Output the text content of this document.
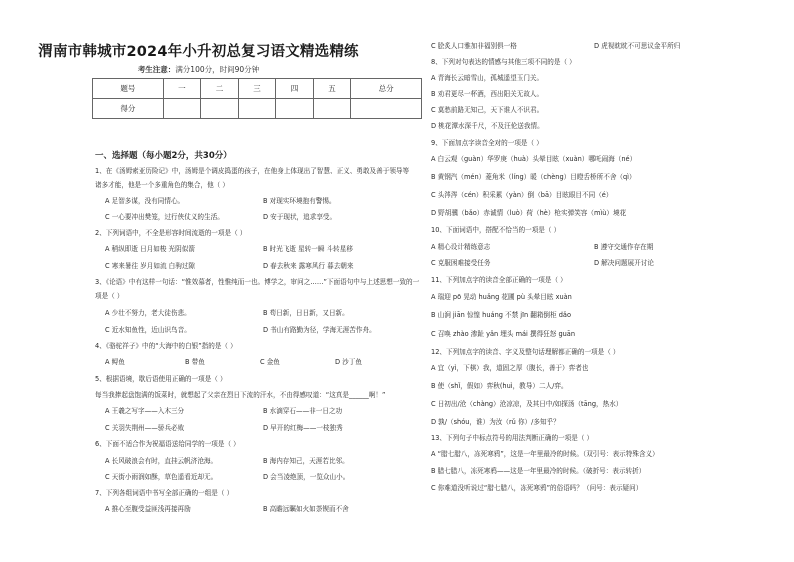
渭南市韩城市2024年小升初总复习语文精选精练
考生注意：满分100分，时间90分钟
题号	一	二	三	四	五	总分
得分						
一、选择题（每小题2分，共30分）
1、在《汤姆索亚历险记》中，汤姆是个调皮捣蛋的孩子，在他身上体现出了智慧、正义、勇敢及善于领导等
诸多才能，他是一个多重角色的集合，他（ ）
A 足智多谋，没有同情心。	B 对现实环境抱有警惕。
C 一心要冲出樊笼，过行侠仗义的生活。	D 安于现状，追求享受。
2、下列词语中，不全是形容时间流逝的一项是（ ）
A 稍纵即逝 日月如梭 光阴似箭	B 时光飞逝 星转一瞬 斗转星移
C 寒来暑往 岁月如流 白驹过隙	D 春去秋来 露寒风行 暮去朝来
3、《论语》中有这样一句话：“惟效慕者，性惟纯而一也。博学之，审问之……”下面语句中与上述思想一致的一
项是（ ）
A 少壮不努力，老大徒伤悲。	B 苟日新，日日新，又日新。
C 近水知鱼性，近山识鸟音。	D 书山有路勤为径，学海无涯苦作舟。
4、《骆驼祥子》中的“大海中的白银”指的是（ ）
A 鲟鱼	B 带鱼	C 金鱼	D 沙丁鱼
5、根据语境，歇后语使用正确的一项是（ ）
每当我捧起盘饱满的饭菜时，就想起了父亲在烈日下流的汗水，不由得感叹道：“这真是______啊！”
A 王羲之写字——入木三分	B 水滴穿石——非一日之功
C 关羽失荆州——骄兵必败	D 早开的红梅——一枝独秀
6、下面不适合作为祝福语送给同学的一项是（ ）
A 长风破浪会有时，直挂云帆济沧海。	B 海内存知己，天涯若比邻。
C 天街小雨润如酥，草色遥看近却无。	D 会当凌绝顶，一览众山小。
7、下列各组词语中书写全部正确的一组是（ ）
A 推心至腹受益匪浅再接再励	B 高瞻远瞩如火如荼锲而不舍
C 脍炙人口雅加非福别俱一格	D 虎视眈眈不可思议金平所归
8、下列对句表达的情感与其他三项不同的是（ ）
A 青海长云暗雪山，孤城遥望玉门关。
B 劝君更尽一杯酒，西出阳关无故人。
C 莫愁前路无知己，天下谁人不识君。
D 桃花潭水深千尺，不及汪伦送我情。
9、下面加点字读音全对的一项是（ ）
A 白云观（guàn）华罗庚（huà）头晕目眩（xuàn）哪吒闹海（né）
B 黄钢汽（mén）菱角米（líng）暖（chèng）目瞪舌桥所不舍（qì）
C 头涔涔（cén）积采累（yàn）倒（bā）目眩眼目不同（é）
D 野胡骥（bǎo）赤诚情（luò）荷（hè）枪实弹笑容（mìù）境花
10、下面词语中，搭配不恰当的一项是（ ）
A 精心设计精练意志	B 遵守交通作存在期
C 克服困难接受任务	D 解决问题展开讨论
11、下列加点字的读音全部正确的一项是（ ）
A 瑞迎 pō 晃动 huǎng 花圃 pù 头晕目眩 xuàn
B 山涧 jiān 惊惶 huáng 不禁 jīn 翻箱倒柜 dǎo
C 召唤 zhào 渗趾 yǎn 埋头 mái 撰得狂怒 guān
12、下列加点字的读音、字义及整句话理解都正确的一项是（ ）
A 宜（yì，下棋）我，道固之厚（腹长，善于）弈者也
B 使（shǐ，假如）弈秋(huì，教导）二人/弈。
C 日初出/沧（chàng）沧凉凉，及其日中/如探汤（tāng，热水）
D 孰/（shóu，谁）为汝（rǔ 你）/多知乎？
13、下列句子中标点符号的用法判断正确的一项是（ ）
A “腊七腊八，冻死寒鸦”，这是一年里最冷的时候。（双引号：表示特殊含义）
B 腊七腊八，冻死寒鸦——这是一年里最冷的时候。（破折号：表示转折）
C 你难道没听说过“腊七腊八，冻死寒鸦”的俗语吗？（问号：表示疑问）
